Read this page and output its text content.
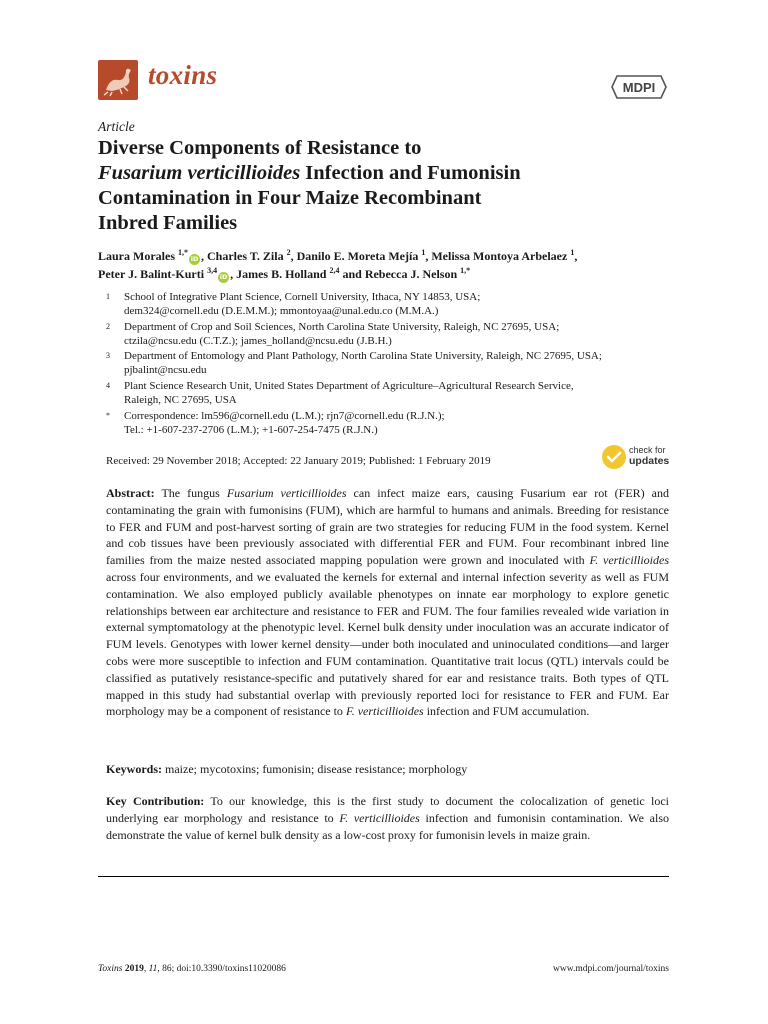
toxins	MDPI
Article
Diverse Components of Resistance to
Fusarium verticillioides Infection and Fumonisin
Contamination in Four Maize Recombinant
Inbred Families
Laura Morales $^{1,*}$iD , Charles T. Zila $^2$, Danilo E. Moreta Mejía $^1$, Melissa Montoya Arbelaez $^1$,
Peter J. Balint-Kurti $^{3,4}$iD , James B. Holland $^{2,4}$ and Rebecca J. Nelson $^{1,*}$
1 School of Integrative Plant Science, Cornell University, Ithaca, NY 14853, USA;
dem324@cornell.edu (D.E.M.M.); mmontoyaa@unal.edu.co (M.M.A.)
2 Department of Crop and Soil Sciences, North Carolina State University, Raleigh, NC 27695, USA;
ctzila@ncsu.edu (C.T.Z.); james_holland@ncsu.edu (J.B.H.)
3 Department of Entomology and Plant Pathology, North Carolina State University, Raleigh, NC 27695, USA;
pjbalint@ncsu.edu
4 Plant Science Research Unit, United States Department of Agriculture–Agricultural Research Service,
Raleigh, NC 27695, USA
* Correspondence: lm596@cornell.edu (L.M.); rjn7@cornell.edu (R.J.N.);
Tel.: +1-607-237-2706 (L.M.); +1-607-254-7475 (R.J.N.)
Received: 29 November 2018; Accepted: 22 January 2019; Published: 1 February 2019
check for
updates
Abstract: The fungus Fusarium verticillioides can infect maize ears, causing Fusarium ear rot (FER) and contaminating the grain with fumonisins (FUM), which are harmful to humans and animals. Breeding for resistance to FER and FUM and post-harvest sorting of grain are two strategies for reducing FUM in the food system. Kernel and cob tissues have been previously associated with differential FER and FUM. Four recombinant inbred line families from the maize nested associated mapping population were grown and inoculated with F. verticillioides across four environments, and we evaluated the kernels for external and internal infection severity as well as FUM contamination. We also employed publicly available phenotypes on innate ear morphology to explore genetic relationships between ear architecture and resistance to FER and FUM. The four families revealed wide variation in external symptomatology at the phenotypic level. Kernel bulk density under inoculation was an accurate indicator of FUM levels. Genotypes with lower kernel density—under both inoculated and uninoculated conditions—and larger cobs were more susceptible to infection and FUM contamination. Quantitative trait locus (QTL) intervals could be classified as putatively resistance-specific and putatively shared for ear and resistance traits. Both types of QTL mapped in this study had substantial overlap with previously reported loci for resistance to FER and FUM. Ear morphology may be a component of resistance to F. verticillioides infection and FUM accumulation.
Keywords: maize; mycotoxins; fumonisin; disease resistance; morphology
Key Contribution: To our knowledge, this is the first study to document the colocalization of genetic loci underlying ear morphology and resistance to F. verticillioides infection and fumonisin contamination. We also demonstrate the value of kernel bulk density as a low-cost proxy for fumonisin levels in maize grain.
Toxins 2019, 11, 86; doi:10.3390/toxins11020086	www.mdpi.com/journal/toxins
